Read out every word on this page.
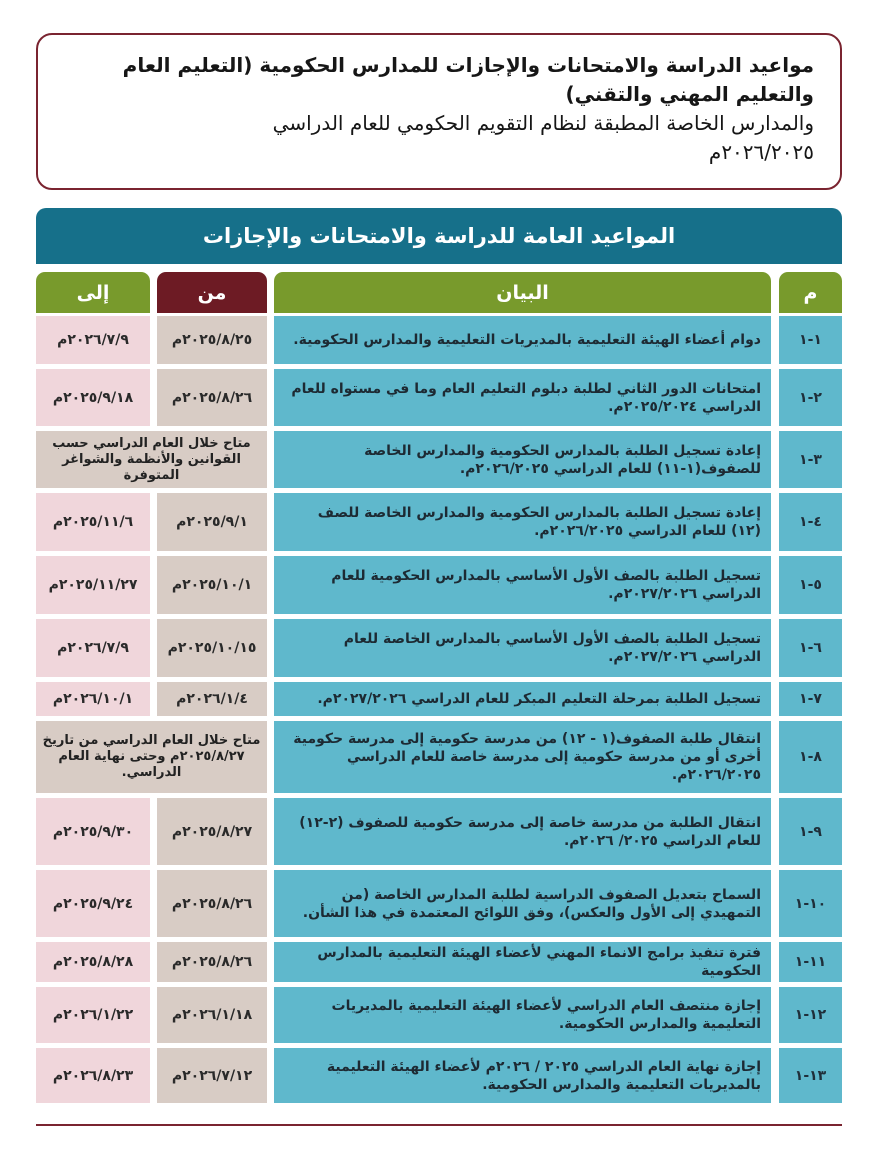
مواعيد الدراسة والامتحانات والإجازات للمدارس الحكومية (التعليم العام
والتعليم المهني والتقني)
والمدارس الخاصة المطبقة لنظام التقويم الحكومي للعام الدراسي
٢٠٢٦/٢٠٢٥م
المواعيد العامة للدراسة والامتحانات والإجازات
م
البيان
من
إلى
١-١
دوام أعضاء الهيئة التعليمية بالمديريات التعليمية والمدارس الحكومية.
٢٠٢٥/٨/٢٥م
٢٠٢٦/٧/٩م
٢-١
امتحانات الدور الثاني لطلبة دبلوم التعليم العام وما في مستواه للعام الدراسي ٢٠٢٥/٢٠٢٤م.
٢٠٢٥/٨/٢٦م
٢٠٢٥/٩/١٨م
٣-١
إعادة تسجيل الطلبة بالمدارس الحكومية والمدارس الخاصة للصفوف(١-١١) للعام الدراسي ٢٠٢٦/٢٠٢٥م.
متاح خلال العام الدراسي حسب القوانين والأنظمة والشواغر المتوفرة
٤-١
إعادة تسجيل الطلبة بالمدارس الحكومية والمدارس الخاصة للصف (١٢) للعام الدراسي ٢٠٢٦/٢٠٢٥م.
٢٠٢٥/٩/١م
٢٠٢٥/١١/٦م
٥-١
تسجيل الطلبة بالصف الأول الأساسي بالمدارس الحكومية للعام الدراسي ٢٠٢٧/٢٠٢٦م.
٢٠٢٥/١٠/١م
٢٠٢٥/١١/٢٧م
٦-١
تسجيل الطلبة بالصف الأول الأساسي بالمدارس الخاصة للعام الدراسي ٢٠٢٧/٢٠٢٦م.
٢٠٢٥/١٠/١٥م
٢٠٢٦/٧/٩م
٧-١
تسجيل الطلبة بمرحلة التعليم المبكر للعام الدراسي ٢٠٢٧/٢٠٢٦م.
٢٠٢٦/١/٤م
٢٠٢٦/١٠/١م
٨-١
انتقال طلبة الصفوف(١ - ١٢) من مدرسة حكومية إلى مدرسة حكومية أخرى أو من مدرسة حكومية إلى مدرسة خاصة للعام الدراسي ٢٠٢٦/٢٠٢٥م.
متاح خلال العام الدراسي من تاريخ ٢٠٢٥/٨/٢٧م وحتى نهاية العام الدراسي.
٩-١
انتقال الطلبة من مدرسة خاصة إلى مدرسة حكومية للصفوف (٢-١٢) للعام الدراسي ٢٠٢٥/ ٢٠٢٦م.
٢٠٢٥/٨/٢٧م
٢٠٢٥/٩/٣٠م
١٠-١
السماح بتعديل الصفوف الدراسية لطلبة المدارس الخاصة (من التمهيدي إلى الأول والعكس)، وفق اللوائح المعتمدة في هذا الشأن.
٢٠٢٥/٨/٢٦م
٢٠٢٥/٩/٢٤م
١١-١
فترة تنفيذ برامج الانماء المهني لأعضاء الهيئة التعليمية بالمدارس الحكومية
٢٠٢٥/٨/٢٦م
٢٠٢٥/٨/٢٨م
١٢-١
إجازة منتصف العام الدراسي لأعضاء الهيئة التعليمية بالمديريات التعليمية والمدارس الحكومية.
٢٠٢٦/١/١٨م
٢٠٢٦/١/٢٢م
١٣-١
إجازة نهاية العام الدراسي ٢٠٢٥ / ٢٠٢٦م لأعضاء الهيئة التعليمية بالمديريات التعليمية والمدارس الحكومية.
٢٠٢٦/٧/١٢م
٢٠٢٦/٨/٢٣م
